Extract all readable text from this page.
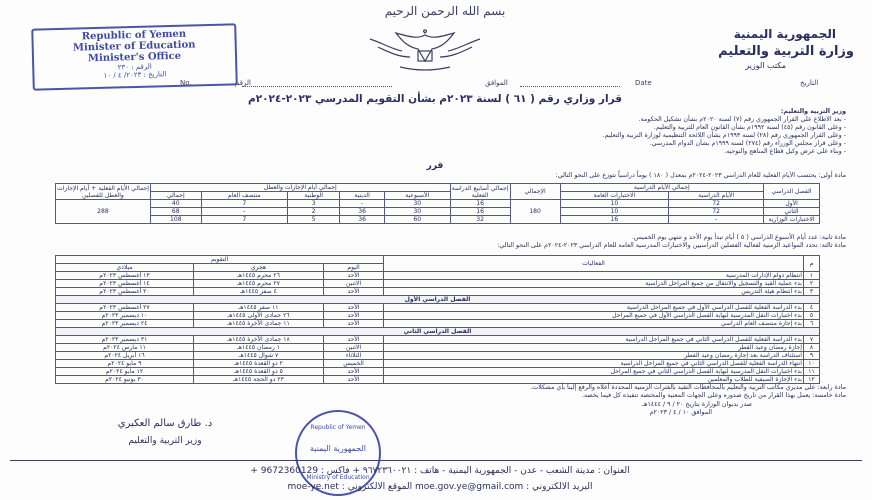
بسم الله الرحمن الرحيم
الجمهورية اليمنية
وزارة التربية والتعليم
مكتب الوزير
Republic of Yemen
Minister of Education
Minister's Office
الرقم : ٢٣٠
التاريخ : ٢٠٢٣/ ٤ / ١٠
No.	الرقم	الموافق	Date	التاريخ
قرار وزاري رقم ( ٦١ ) لسنة ٢٠٢٣م بشأن التقويم المدرسي ٢٠٢٣-٢٠٢٤م
وزير التربية والتعليم:
- بعد الاطلاع على القرار الجمهوري رقم (٧) لسنة ٢٠٢٠م بشأن تشكيل الحكومة.
- وعلى القانون رقم (٤٥) لسنة ١٩٩٢م بشأن القانون العام للتربية والتعليم.
- وعلى القرار الجمهوري رقم (٢٨) لسنة ١٩٩٣م بشأن اللائحة التنظيمية لوزارة التربية والتعليم.
- وعلى قرار مجلس الوزراء رقم (٢٧٤) لسنة ١٩٩٩م بشأن الدوام المدرسي.
- وبناء على عرض وكيل قطاع المناهج والتوجيه.
قرر
مادة أولى: يحتسب الأيام الفعلية للعام الدراسي ٢٠٢٣-٢٠٢٤م بمعدل ( ١٨٠ ) يوماً دراسياً تتوزع على النحو التالي:
الفصل الدراسي	إجمالي الأيام الدراسية		الإجمالي	إجمالي أسابيع الدراسة الفعلية	إجمالي أيام الإجازات والعطل					إجمالي الأيام الفعلية + أيام الإجازات والعطل للفصلين
	الأيام الدراسية	الاختبارات العامة			الأسبوعية	الدينية	الوطنية	منتصف العام	إجمالي	
الأول	72	10	180	16	30	-	3	7	40	288
الثاني	72	10		16	30	36	2	-	68	
الاختبارات الوزارية	-	16		32	60	36	5	7	108	
مادة ثانية: عدد أيام الأسبوع الدراسي ( ٥ ) أيام تبدأ يوم الأحد و تنتهي يوم الخميس.
مادة ثالثة: تحدد المواعيد الزمنية لفعالية الفصلين الدراسيين والاختبارات المدرسية العامة للعام الدراسي ٢٠٢٣-٢٠٢٤م على النحو التالي:
م	الفعاليات	التقويم		
		اليوم	هجري	ميلادي
١	انتظام دوام الإدارات المدرسية	الأحد	٢٦ محرم ١٤٤٥هـ	١٣ أغسطس ٢٠٢٣م
٢	بدء عملية القيد والتسجيل والانتقال من جميع المراحل الدراسية	الاثنين	٢٧ محرم ١٤٤٥هـ	١٤ أغسطس ٢٠٢٣م
٣	بدء انتظام هيئة التدريس	الأحد	٤ صفر ١٤٤٥هـ	٢٠ أغسطس ٢٠٢٣م
الفصل الدراسي الأول				
٤	بدء الدراسة الفعلية للفصل الدراسي الأول في جميع المراحل الدراسية	الأحد	١١ صفر ١٤٤٥هـ	٢٧ أغسطس ٢٠٢٣م
٥	بدء اختبارات النقل المدرسية لنهاية الفصل الدراسي الأول في جميع المراحل	الأحد	٢٦ جمادى الأولى ١٤٤٥هـ	١٠ ديسمبر ٢٠٢٣م
٦	بدء إجازة منتصف العام الدراسي	الأحد	١١ جمادى الآخرة ١٤٤٥هـ	٢٤ ديسمبر ٢٠٢٣م
الفصل الدراسي الثاني				
٧	بدء الدراسة الفعلية للفصل الدراسي الثاني في جميع المراحل الدراسية	الأحد	١٨ جمادى الآخرة ١٤٤٥هـ	٣١ ديسمبر ٢٠٢٣م
٨	إجازة رمضان وعيد الفطر	الاثنين	١ رمضان ١٤٤٥هـ	١١ مارس ٢٠٢٤م
٩	استئناف الدراسة بعد إجازة رمضان وعيد الفطر	الثلاثاء	٧ شوال ١٤٤٥هـ	١٦ أبريل ٢٠٢٤م
١٠	انتهاء الدراسة الفعلية للفصل الدراسي الثاني في جميع المراحل الدراسية	الخميس	٢ ذو القعدة ١٤٤٥هـ	٩ مايو ٢٠٢٤م
١١	بدء اختبارات النقل المدرسية لنهاية الفصل الدراسي الثاني في جميع المراحل	الأحد	٥ ذو القعدة ١٤٤٥هـ	١٢ مايو ٢٠٢٤م
١٢	بدء الإجازة الصيفية للطلاب والمعلمين	الأحد	٢٣ ذو الحجة ١٤٤٥هـ	٣٠ يونيو ٢٠٢٤م
مادة رابعة: على مديري مكاتب التربية والتعليم بالمحافظات التقيد بالفترات الزمنية المحددة أعلاه والرفع إلينا بأي مشكلات.
مادة خامسة: يعمل بهذا القرار من تاريخ صدوره وعلى الجهات المعنية والمختصة تنفيذه كل فيما يخصه.
صدر بديوان الوزارة بتاريخ ٢٠ / ٩ / ١٤٤٤هـ
الموافق ١٠ / ٤ / ٢٠٢٣م
د. طارق سالم العكبري
وزير التربية والتعليم
Republic of Yemen
الجمهورية اليمنية
Ministry of Education
العنوان : مدينة الشعب - عدن - الجمهورية اليمنية - هاتف : ٩٦٧٢٣٦٠٠٢١ + فاكس : 9672360129 +
البريد الالكتروني : moe.gov.ye@gmail.com الموقع الالكتروني : moe-ye.net
